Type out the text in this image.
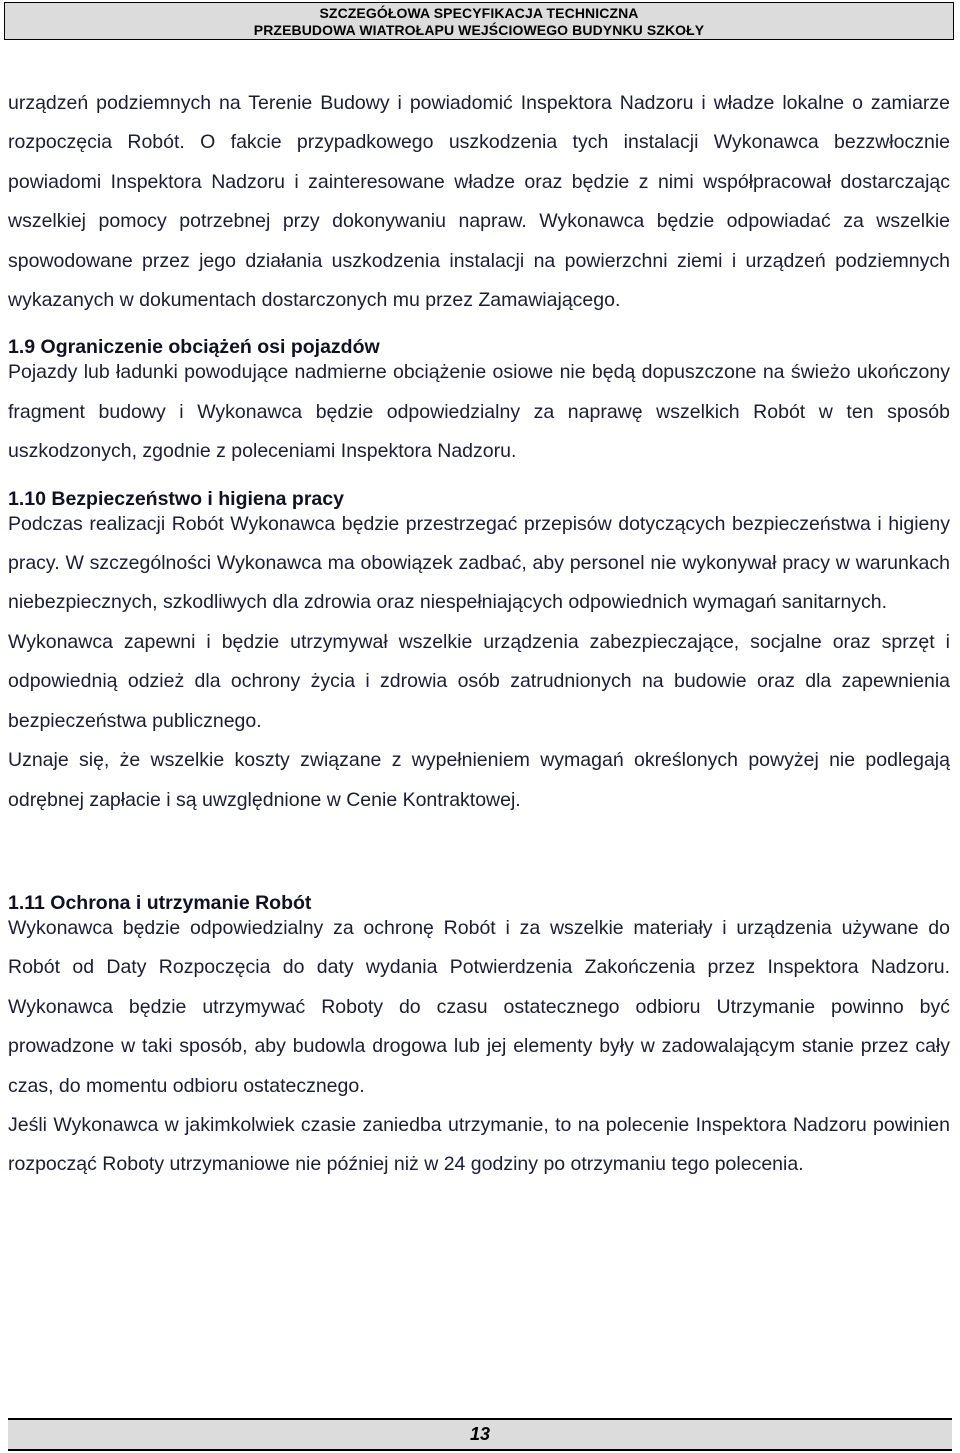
SZCZEGÓŁOWA SPECYFIKACJA TECHNICZNA
PRZEBUDOWA WIATROŁAPU WEJŚCIOWEGO BUDYNKU SZKOŁY

urządzeń podziemnych na Terenie Budowy i powiadomić Inspektora Nadzoru i władze lokalne o zamiarze rozpoczęcia Robót. O fakcie przypadkowego uszkodzenia tych instalacji Wykonawca bezzwłocznie powiadomi Inspektora Nadzoru i zainteresowane władze oraz będzie z nimi współpracował dostarczając wszelkiej pomocy potrzebnej przy dokonywaniu napraw. Wykonawca będzie odpowiadać za wszelkie spowodowane przez jego działania uszkodzenia instalacji na powierzchni ziemi i urządzeń podziemnych wykazanych w dokumentach dostarczonych mu przez Zamawiającego.

1.9 Ograniczenie obciążeń osi pojazdów

Pojazdy lub ładunki powodujące nadmierne obciążenie osiowe nie będą dopuszczone na świeżo ukończony fragment budowy i Wykonawca będzie odpowiedzialny za naprawę wszelkich Robót w ten sposób uszkodzonych, zgodnie z poleceniami Inspektora Nadzoru.

1.10 Bezpieczeństwo i higiena pracy

Podczas realizacji Robót Wykonawca będzie przestrzegać przepisów dotyczących bezpieczeństwa i higieny pracy. W szczególności Wykonawca ma obowiązek zadbać, aby personel nie wykonywał pracy w warunkach niebezpiecznych, szkodliwych dla zdrowia oraz niespełniających odpowiednich wymagań sanitarnych.

Wykonawca zapewni i będzie utrzymywał wszelkie urządzenia zabezpieczające, socjalne oraz sprzęt i odpowiednią odzież dla ochrony życia i zdrowia osób zatrudnionych na budowie oraz dla zapewnienia bezpieczeństwa publicznego.

Uznaje się, że wszelkie koszty związane z wypełnieniem wymagań określonych powyżej nie podlegają odrębnej zapłacie i są uwzględnione w Cenie Kontraktowej.

1.11 Ochrona i utrzymanie Robót

Wykonawca będzie odpowiedzialny za ochronę Robót i za wszelkie materiały i urządzenia używane do Robót od Daty Rozpoczęcia do daty wydania Potwierdzenia Zakończenia przez Inspektora Nadzoru. Wykonawca będzie utrzymywać Roboty do czasu ostatecznego odbioru Utrzymanie powinno być prowadzone w taki sposób, aby budowla drogowa lub jej elementy były w zadowalającym stanie przez cały czas, do momentu odbioru ostatecznego.

Jeśli Wykonawca w jakimkolwiek czasie zaniedba utrzymanie, to na polecenie Inspektora Nadzoru powinien rozpocząć Roboty utrzymaniowe nie później niż w 24 godziny po otrzymaniu tego polecenia.

13
